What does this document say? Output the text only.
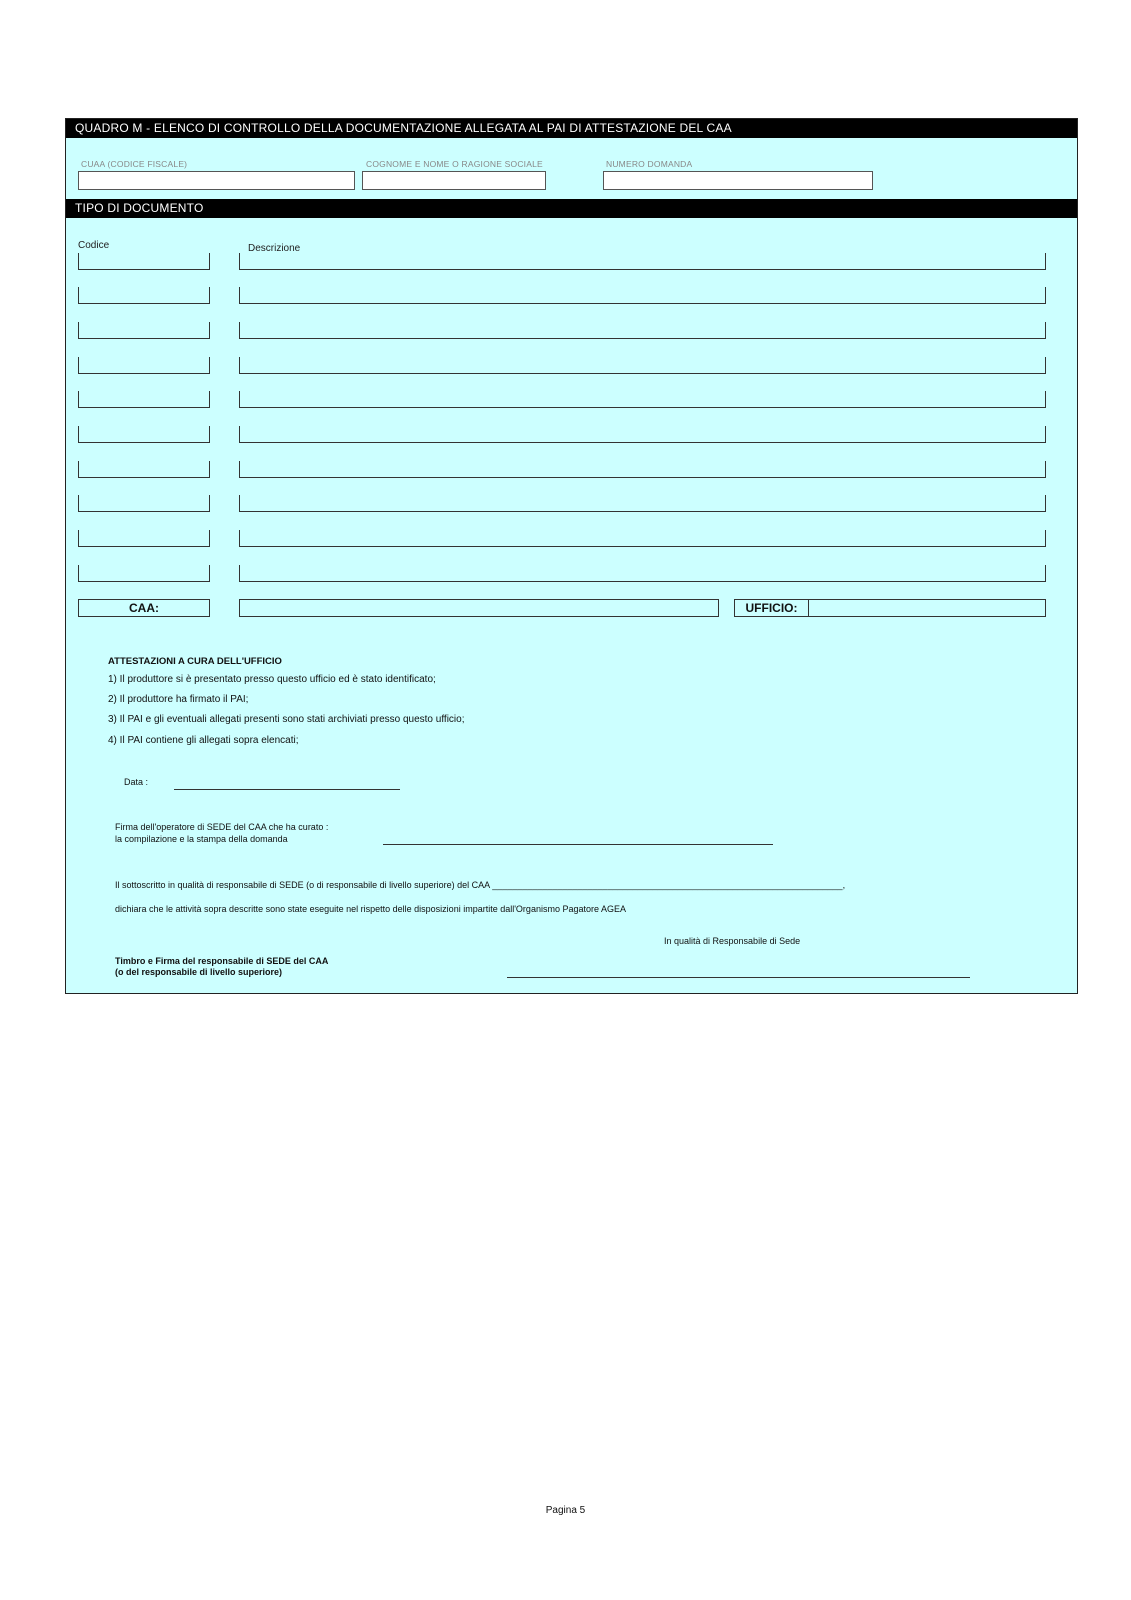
QUADRO M - ELENCO DI CONTROLLO DELLA DOCUMENTAZIONE ALLEGATA AL PAI DI ATTESTAZIONE DEL CAA
CUAA (CODICE FISCALE)	COGNOME E NOME O RAGIONE SOCIALE	NUMERO DOMANDA
TIPO DI DOCUMENTO
Codice	Descrizione
CAA:	UFFICIO:
ATTESTAZIONI A CURA DELL'UFFICIO
1) Il produttore si è presentato presso questo ufficio ed è stato identificato;
2) Il produttore ha firmato il PAI;
3) Il PAI e gli eventuali allegati presenti sono stati archiviati presso questo ufficio;
4) Il PAI contiene gli allegati sopra elencati;
Data :
Firma dell'operatore di SEDE del CAA che ha curato :
la compilazione e la stampa della domanda
Il sottoscritto in qualità di responsabile di SEDE (o di responsabile di livello superiore) del CAA ______________________________________________________________________,
dichiara che le attività sopra descritte sono state eseguite nel rispetto delle disposizioni impartite dall'Organismo Pagatore AGEA
In qualità di Responsabile di Sede
Timbro e Firma del responsabile di SEDE del CAA
(o del responsabile di livello superiore)
Pagina 5
